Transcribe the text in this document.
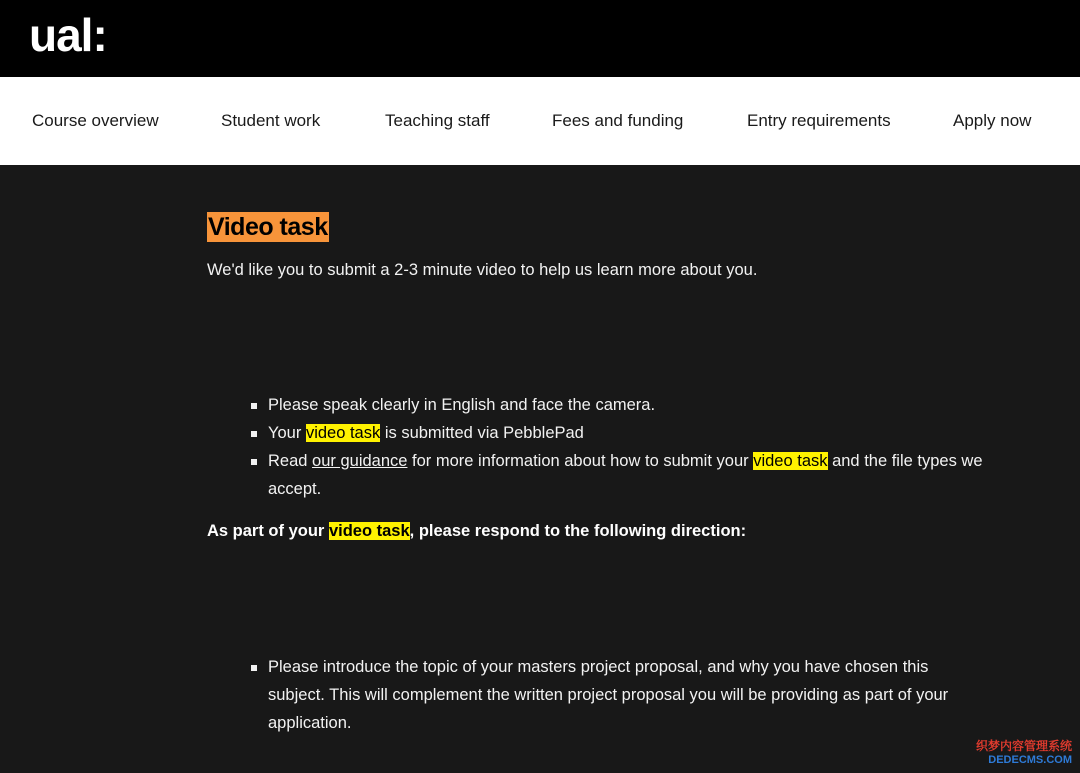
ual:
Course overview	Student work	Teaching staff	Fees and funding	Entry requirements	Apply now
Video task

We'd like you to submit a 2-3 minute video to help us learn more about you.

Please speak clearly in English and face the camera.
Your video task is submitted via PebblePad
Read our guidance for more information about how to submit your video task and the file types we accept.

As part of your video task, please respond to the following direction:

Please introduce the topic of your masters project proposal, and why you have chosen this subject. This will complement the written project proposal you will be providing as part of your application.
织梦内容管理系统
DEDECMS.COM
